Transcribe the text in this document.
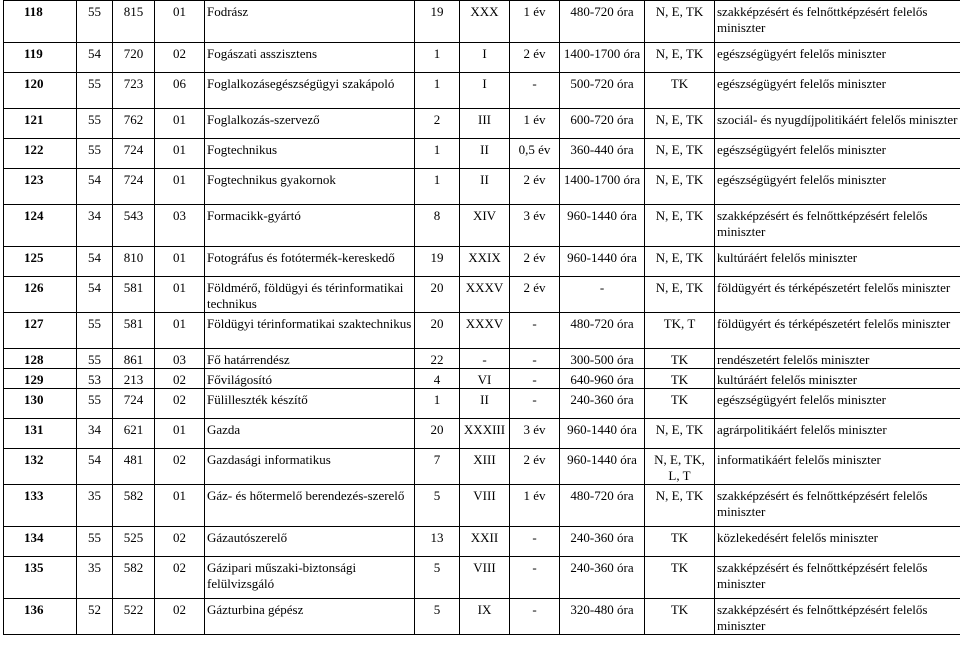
118	55	815	01	Fodrász	19	XXX	1 év	480-720 óra	N, E, TK	szakképzésért és felnőttképzésért felelős miniszter
119	54	720	02	Fogászati asszisztens	1	I	2 év	1400-1700 óra	N, E, TK	egészségügyért felelős miniszter
120	55	723	06	Foglalkozásegészségügyi szakápoló	1	I	-	500-720 óra	TK	egészségügyért felelős miniszter
121	55	762	01	Foglalkozás-szervező	2	III	1 év	600-720 óra	N, E, TK	szociál- és nyugdíjpolitikáért felelős miniszter
122	55	724	01	Fogtechnikus	1	II	0,5 év	360-440 óra	N, E, TK	egészségügyért felelős miniszter
123	54	724	01	Fogtechnikus gyakornok	1	II	2 év	1400-1700 óra	N, E, TK	egészségügyért felelős miniszter
124	34	543	03	Formacikk-gyártó	8	XIV	3 év	960-1440 óra	N, E, TK	szakképzésért és felnőttképzésért felelős miniszter
125	54	810	01	Fotográfus és fotótermék-kereskedő	19	XXIX	2 év	960-1440 óra	N, E, TK	kultúráért felelős miniszter
126	54	581	01	Földmérő, földügyi és térinformatikai technikus	20	XXXV	2 év	-	N, E, TK	földügyért és térképészetért felelős miniszter
127	55	581	01	Földügyi térinformatikai szaktechnikus	20	XXXV	-	480-720 óra	TK, T	földügyért és térképészetért felelős miniszter
128	55	861	03	Fő határrendész	22	-	-	300-500 óra	TK	rendészetért felelős miniszter
129	53	213	02	Fővilágosító	4	VI	-	640-960 óra	TK	kultúráért felelős miniszter
130	55	724	02	Fülilleszték készítő	1	II	-	240-360 óra	TK	egészségügyért felelős miniszter
131	34	621	01	Gazda	20	XXXIII	3 év	960-1440 óra	N, E, TK	agrárpolitikáért felelős miniszter
132	54	481	02	Gazdasági informatikus	7	XIII	2 év	960-1440 óra	N, E, TK, L, T	informatikáért felelős miniszter
133	35	582	01	Gáz- és hőtermelő berendezés-szerelő	5	VIII	1 év	480-720 óra	N, E, TK	szakképzésért és felnőttképzésért felelős miniszter
134	55	525	02	Gázautószerelő	13	XXII	-	240-360 óra	TK	közlekedésért felelős miniszter
135	35	582	02	Gázipari műszaki-biztonsági felülvizsgáló	5	VIII	-	240-360 óra	TK	szakképzésért és felnőttképzésért felelős miniszter
136	52	522	02	Gázturbina gépész	5	IX	-	320-480 óra	TK	szakképzésért és felnőttképzésért felelős miniszter
